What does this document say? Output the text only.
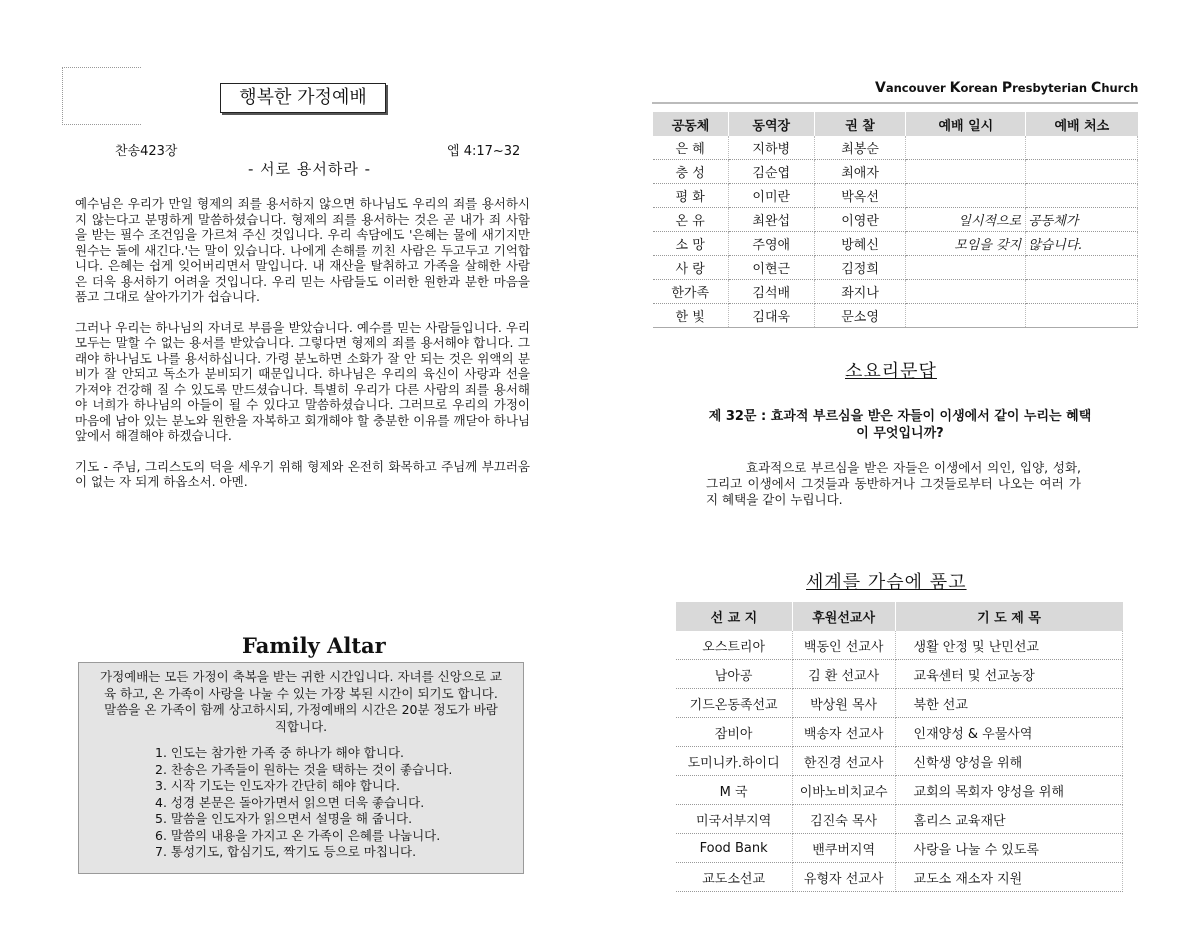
행복한 가정예배
찬송423장	엡 4:17~32
- 서로 용서하라 -

예수님은 우리가 만일 형제의 죄를 용서하지 않으면 하나님도 우리의 죄를 용서하시지 않는다고 분명하게 말씀하셨습니다. 형제의 죄를 용서하는 것은 곧 내가 죄 사함을 받는 필수 조건임을 가르쳐 주신 것입니다. 우리 속담에도 '은혜는 물에 새기지만 원수는 돌에 새긴다.'는 말이 있습니다. 나에게 손해를 끼친 사람은 두고두고 기억합니다. 은혜는 쉽게 잊어버리면서 말입니다. 내 재산을 탈취하고 가족을 살해한 사람은 더욱 용서하기 어려울 것입니다. 우리 믿는 사람들도 이러한 원한과 분한 마음을 품고 그대로 살아가기가 쉽습니다.

그러나 우리는 하나님의 자녀로 부름을 받았습니다. 예수를 믿는 사람들입니다. 우리 모두는 말할 수 없는 용서를 받았습니다. 그렇다면 형제의 죄를 용서해야 합니다. 그래야 하나님도 나를 용서하십니다. 가령 분노하면 소화가 잘 안 되는 것은 위액의 분비가 잘 안되고 독소가 분비되기 때문입니다. 하나님은 우리의 육신이 사랑과 선을 가져야 건강해 질 수 있도록 만드셨습니다. 특별히 우리가 다른 사람의 죄를 용서해야 너희가 하나님의 아들이 될 수 있다고 말씀하셨습니다. 그러므로 우리의 가정이 마음에 남아 있는 분노와 원한을 자복하고 회개해야 할 충분한 이유를 깨닫아 하나님 앞에서 해결해야 하겠습니다.

기도 - 주님, 그리스도의 덕을 세우기 위해 형제와 온전히 화목하고 주님께 부끄러움이 없는 자 되게 하옵소서. 아멘.

Family Altar

가정예배는 모든 가정이 축복을 받는 귀한 시간입니다. 자녀를 신앙으로 교육 하고, 온 가족이 사랑을 나눌 수 있는 가장 복된 시간이 되기도 합니다. 말씀을 온 가족이 함께 상고하시되, 가정예배의 시간은 20분 정도가 바람직합니다.

1. 인도는 참가한 가족 중 하나가 해야 합니다.
2. 찬송은 가족들이 원하는 것을 택하는 것이 좋습니다.
3. 시작 기도는 인도자가 간단히 해야 합니다.
4. 성경 본문은 돌아가면서 읽으면 더욱 좋습니다.
5. 말씀을 인도자가 읽으면서 설명을 해 줍니다.
6. 말씀의 내용을 가지고 온 가족이 은혜를 나눕니다.
7. 통성기도, 합심기도, 짝기도 등으로 마칩니다.
Vancouver Korean Presbyterian Church
공동체	동역장	권 찰	예배 일시	예배 처소
은 혜	지하병	최봉순		
충 성	김순엽	최애자		
평 화	이미란	박옥선		
온 유	최완섭	이영란	일시적으로	공동체가
소 망	주영애	방혜신	모임을 갖지	않습니다.
사 랑	이현근	김정희		
한가족	김석배	좌지나		
한 빛	김대욱	문소영		
소요리문답
제 32문 : 효과적 부르심을 받은 자들이 이생에서 같이 누리는 혜택이 무엇입니까?
효과적으로 부르심을 받은 자들은 이생에서 의인, 입양, 성화, 그리고 이생에서 그것들과 동반하거나 그것들로부터 나오는 여러 가지 혜택을 같이 누립니다.
세계를 가슴에 품고
선 교 지	후원선교사	기 도 제 목
오스트리아	백동인 선교사	생활 안정 및 난민선교
남아공	김 환 선교사	교육센터 및 선교농장
기드온동족선교	박상원 목사	북한 선교
잠비아	백송자 선교사	인재양성 & 우물사역
도미니카.하이디	한진경 선교사	신학생 양성을 위해
M 국	이바노비치교수	교회의 목회자 양성을 위해
미국서부지역	김진숙 목사	홈리스 교육재단
Food Bank	밴쿠버지역	사랑을 나눌 수 있도록
교도소선교	유형자 선교사	교도소 재소자 지원
